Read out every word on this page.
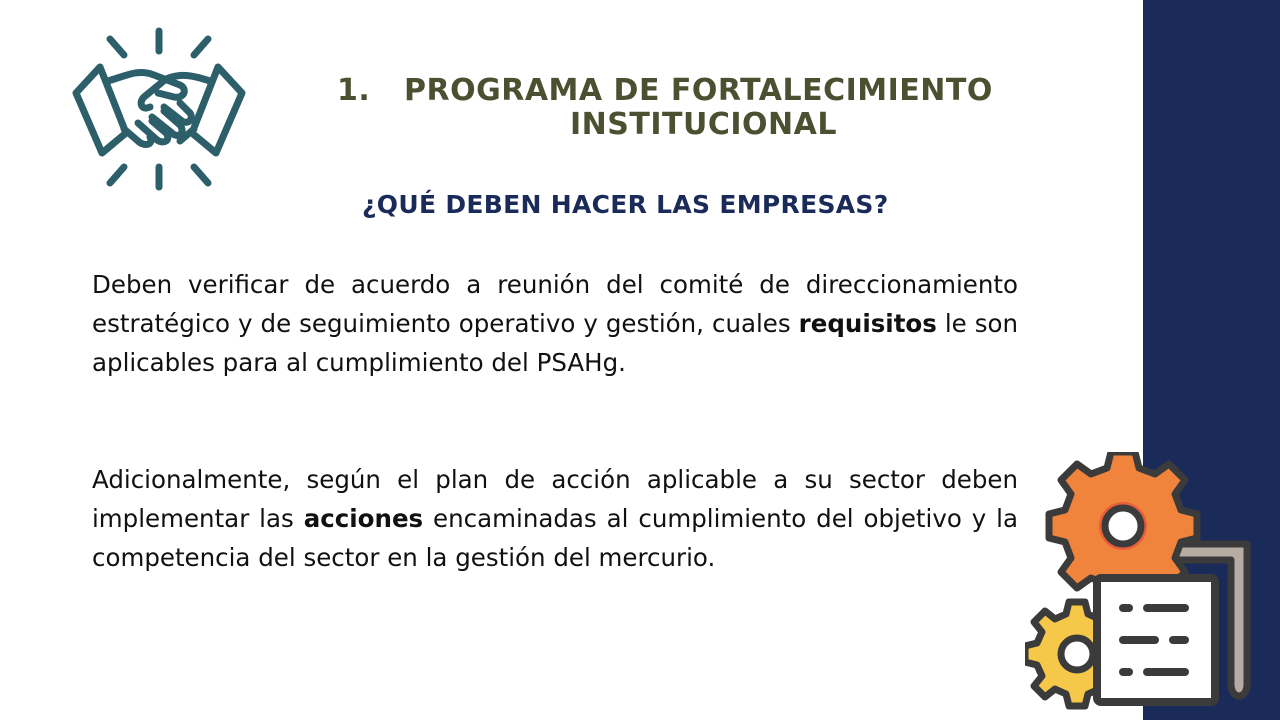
1. PROGRAMA DE FORTALECIMIENTO
INSTITUCIONAL
¿QUÉ DEBEN HACER LAS EMPRESAS?

Deben verificar de acuerdo a reunión del comité de direccionamiento estratégico y de seguimiento operativo y gestión, cuales requisitos le son aplicables para al cumplimiento del PSAHg.

Adicionalmente, según el plan de acción aplicable a su sector deben implementar las acciones encaminadas al cumplimiento del objetivo y la competencia del sector en la gestión del mercurio.
